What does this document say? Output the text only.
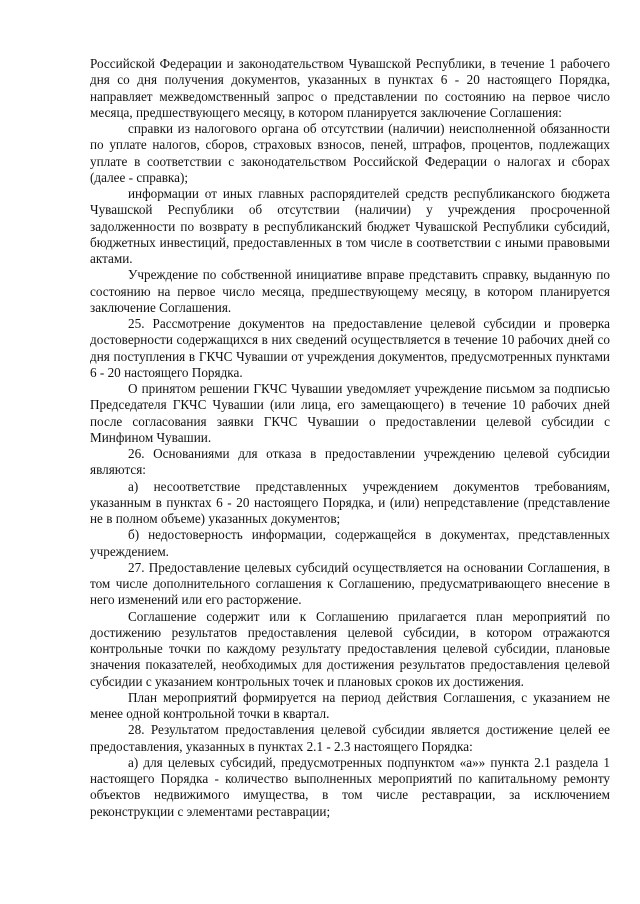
Российской Федерации и законодательством Чувашской Республики, в течение 1 рабочего дня со дня получения документов, указанных в пунктах 6 - 20 настоящего Порядка, направляет межведомственный запрос о представлении по состоянию на первое число месяца, предшествующего месяцу, в котором планируется заключение Соглашения:

справки из налогового органа об отсутствии (наличии) неисполненной обязанности по уплате налогов, сборов, страховых взносов, пеней, штрафов, процентов, подлежащих уплате в соответствии с законодательством Российской Федерации о налогах и сборах (далее - справка);

информации от иных главных распорядителей средств республиканского бюджета Чувашской Республики об отсутствии (наличии) у учреждения просроченной задолженности по возврату в республиканский бюджет Чувашской Республики субсидий, бюджетных инвестиций, предоставленных в том числе в соответствии с иными правовыми актами.

Учреждение по собственной инициативе вправе представить справку, выданную по состоянию на первое число месяца, предшествующему месяцу, в котором планируется заключение Соглашения.

25. Рассмотрение документов на предоставление целевой субсидии и проверка достоверности содержащихся в них сведений осуществляется в течение 10 рабочих дней со дня поступления в ГКЧС Чувашии от учреждения документов, предусмотренных пунктами 6 - 20 настоящего Порядка.

О принятом решении ГКЧС Чувашии уведомляет учреждение письмом за подписью Председателя ГКЧС Чувашии (или лица, его замещающего) в течение 10 рабочих дней после согласования заявки ГКЧС Чувашии о предоставлении целевой субсидии с Минфином Чувашии.

26. Основаниями для отказа в предоставлении учреждению целевой субсидии являются:

а) несоответствие представленных учреждением документов требованиям, указанным в пунктах 6 - 20 настоящего Порядка, и (или) непредставление (представление не в полном объеме) указанных документов;

б) недостоверность информации, содержащейся в документах, представленных учреждением.

27. Предоставление целевых субсидий осуществляется на основании Соглашения, в том числе дополнительного соглашения к Соглашению, предусматривающего внесение в него изменений или его расторжение.

Соглашение содержит или к Соглашению прилагается план мероприятий по достижению результатов предоставления целевой субсидии, в котором отражаются контрольные точки по каждому результату предоставления целевой субсидии, плановые значения показателей, необходимых для достижения результатов предоставления целевой субсидии с указанием контрольных точек и плановых сроков их достижения.

План мероприятий формируется на период действия Соглашения, с указанием не менее одной контрольной точки в квартал.

28. Результатом предоставления целевой субсидии является достижение целей ее предоставления, указанных в пунктах 2.1 - 2.3 настоящего Порядка:

а) для целевых субсидий, предусмотренных подпунктом «а»» пункта 2.1 раздела 1 настоящего Порядка - количество выполненных мероприятий по капитальному ремонту объектов недвижимого имущества, в том числе реставрации, за исключением реконструкции с элементами реставрации;
